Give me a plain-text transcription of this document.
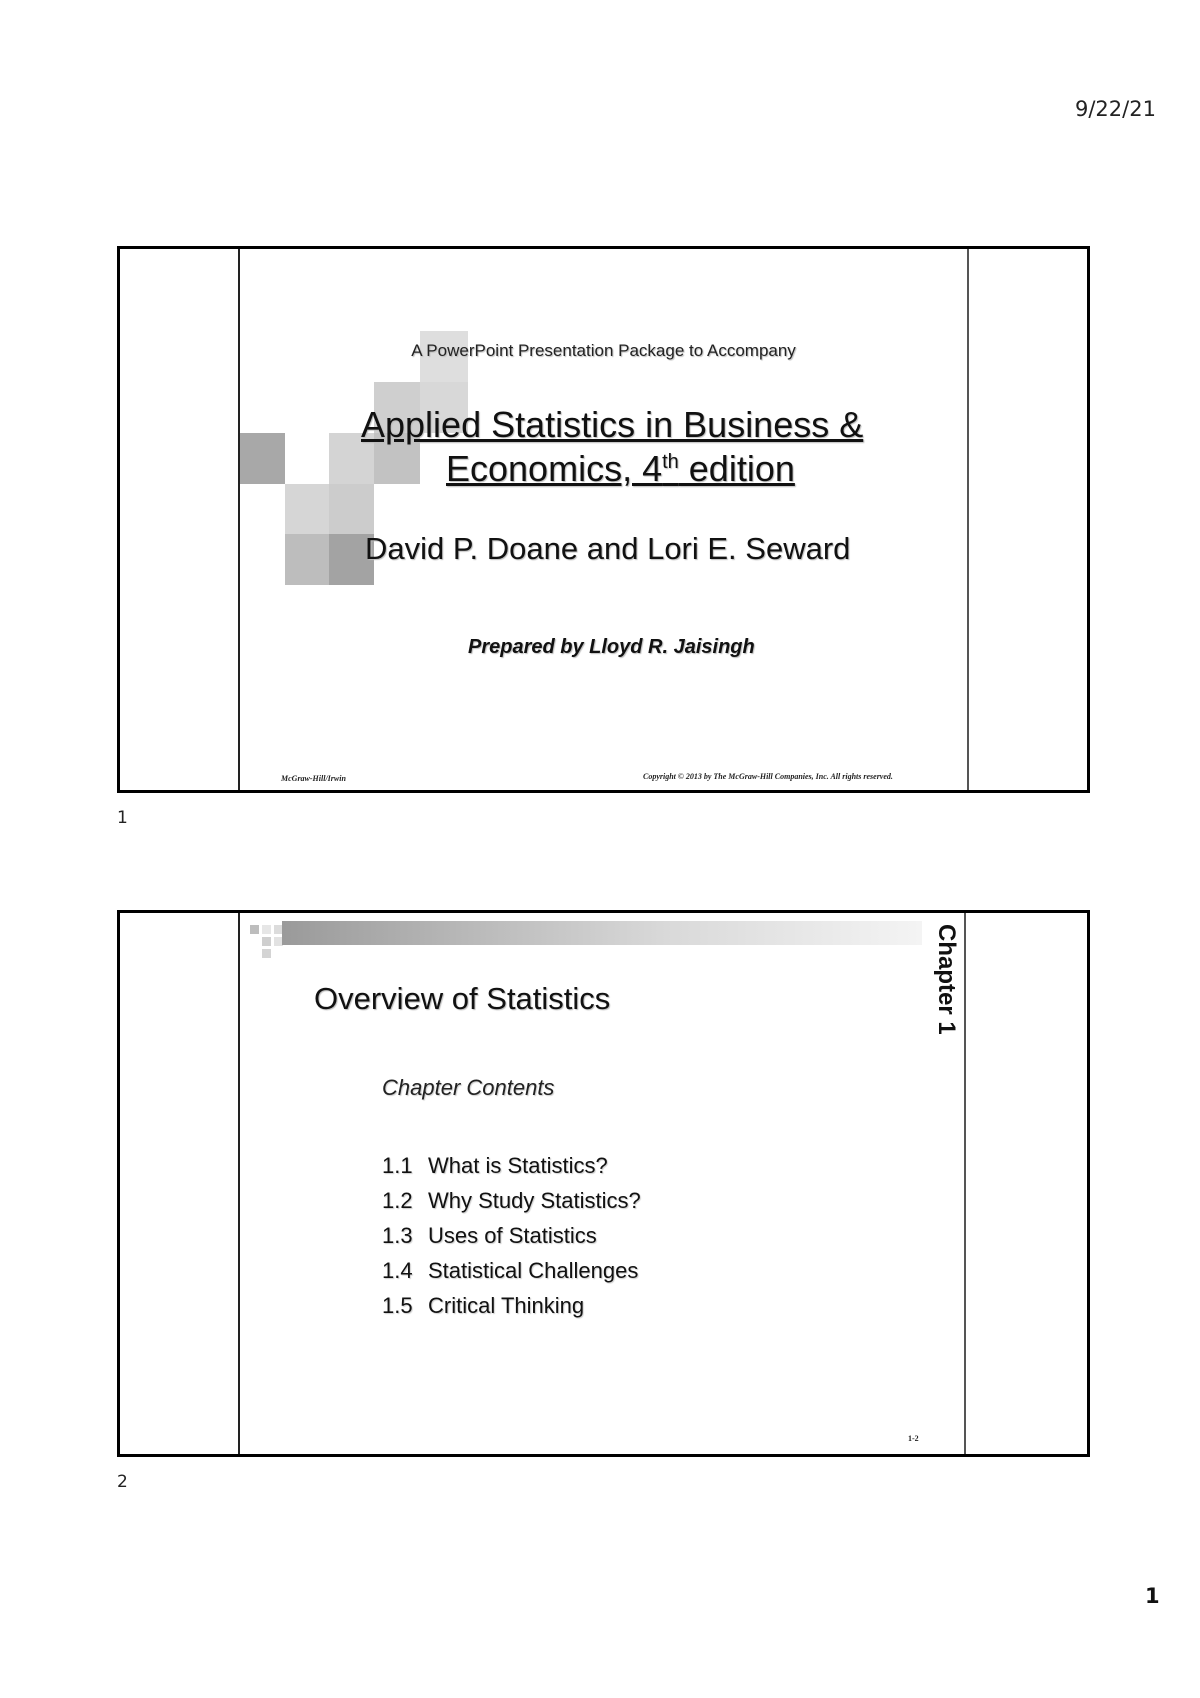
9/22/21
A PowerPoint Presentation Package to Accompany
Applied Statistics in Business &
Economics, 4th edition
David P. Doane and Lori E. Seward
Prepared by Lloyd R. Jaisingh
McGraw-Hill/Irwin	Copyright © 2013 by The McGraw-Hill Companies, Inc. All rights reserved.
1
Overview of Statistics	Chapter 1
Chapter Contents
1.1 What is Statistics?
1.2 Why Study Statistics?
1.3 Uses of Statistics
1.4 Statistical Challenges
1.5 Critical Thinking
1-2
2
1
